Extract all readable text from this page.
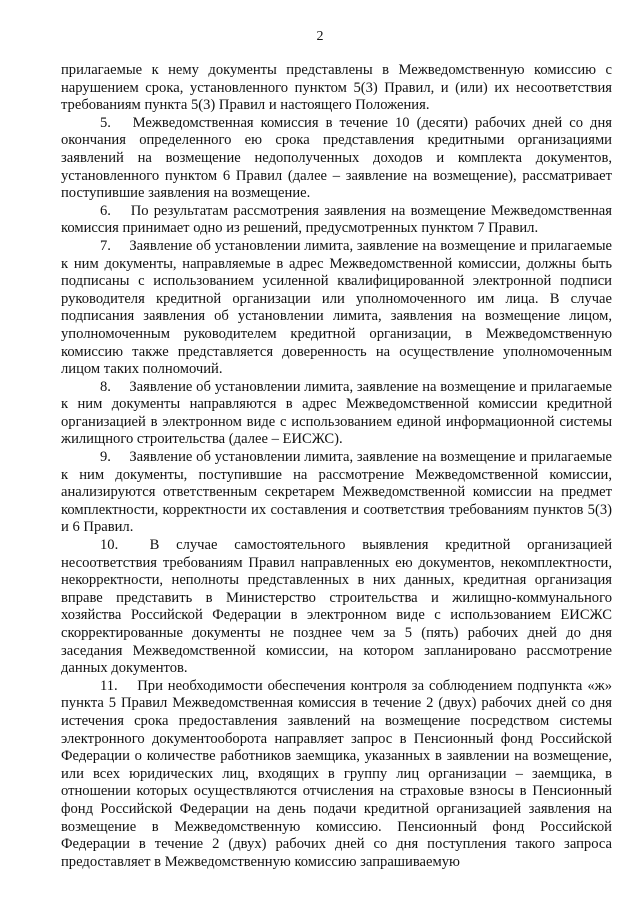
2

прилагаемые к нему документы представлены в Межведомственную комиссию с нарушением срока, установленного пунктом 5(3) Правил, и (или) их несоответствия требованиям пункта 5(3) Правил и настоящего Положения.

5.  Межведомственная комиссия в течение 10 (десяти) рабочих дней со дня окончания определенного ею срока представления кредитными организациями заявлений на возмещение недополученных доходов и комплекта документов, установленного пунктом 6 Правил (далее – заявление на возмещение), рассматривает поступившие заявления на возмещение.

6.  По результатам рассмотрения заявления на возмещение Межведомственная комиссия принимает одно из решений, предусмотренных пунктом 7 Правил.

7.  Заявление об установлении лимита, заявление на возмещение и прилагаемые к ним документы, направляемые в адрес Межведомственной комиссии, должны быть подписаны с использованием усиленной квалифицированной электронной подписи руководителя кредитной организации или уполномоченного им лица. В случае подписания заявления об установлении лимита, заявления на возмещение лицом, уполномоченным руководителем кредитной организации, в Межведомственную комиссию также представляется доверенность на осуществление уполномоченным лицом таких полномочий.

8.  Заявление об установлении лимита, заявление на возмещение и прилагаемые к ним документы направляются в адрес Межведомственной комиссии кредитной организацией в электронном виде с использованием единой информационной системы жилищного строительства (далее – ЕИСЖС).

9.  Заявление об установлении лимита, заявление на возмещение и прилагаемые к ним документы, поступившие на рассмотрение Межведомственной комиссии, анализируются ответственным секретарем Межведомственной комиссии на предмет комплектности, корректности их составления и соответствия требованиям пунктов 5(3) и 6 Правил.

10.  В случае самостоятельного выявления кредитной организацией несоответствия требованиям Правил направленных ею документов, некомплектности, некорректности, неполноты представленных в них данных, кредитная организация вправе представить в Министерство строительства и жилищно-коммунального хозяйства Российской Федерации в электронном виде с использованием ЕИСЖС скорректированные документы не позднее чем за 5 (пять) рабочих дней до дня заседания Межведомственной комиссии, на котором запланировано рассмотрение данных документов.

11.  При необходимости обеспечения контроля за соблюдением подпункта «ж» пункта 5 Правил Межведомственная комиссия в течение 2 (двух) рабочих дней со дня истечения срока предоставления заявлений на возмещение посредством системы электронного документооборота направляет запрос в Пенсионный фонд Российской Федерации о количестве работников заемщика, указанных в заявлении на возмещение, или всех юридических лиц, входящих в группу лиц организации – заемщика, в отношении которых осуществляются отчисления на страховые взносы в Пенсионный фонд Российской Федерации на день подачи кредитной организацией заявления на возмещение в Межведомственную комиссию. Пенсионный фонд Российской Федерации в течение 2 (двух) рабочих дней со дня поступления такого запроса предоставляет в Межведомственную комиссию запрашиваемую
